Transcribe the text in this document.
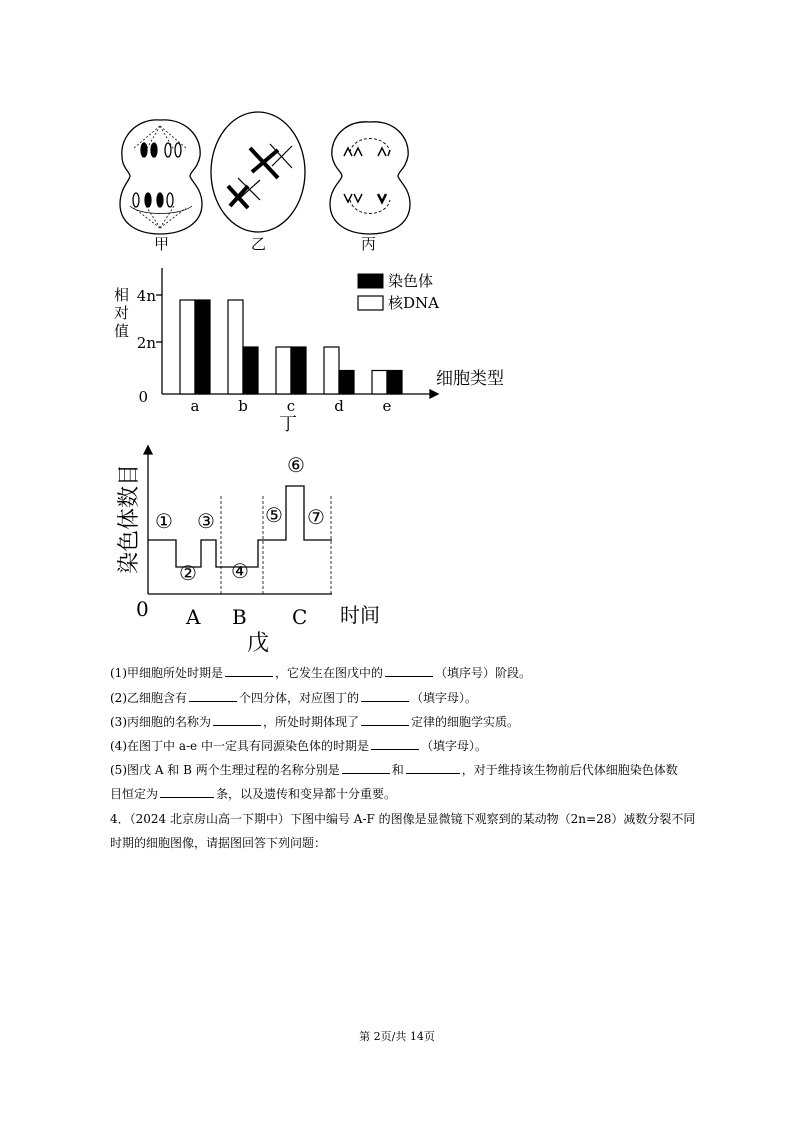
甲	乙	丙
a	b	c	d	e
相
对
值
0
2n
4n
细胞类型
丁
染色体
核DNA
①
②
③
④
⑤
⑥
⑦
染色体数目
0 A B C 时间
戊
(1)甲细胞所处时期是	，它发生在图戊中的	（填序号）阶段。
(2)乙细胞含有	个四分体，对应图丁的	（填字母）。
(3)丙细胞的名称为	，所处时期体现了	定律的细胞学实质。
(4)在图丁中 a-e 中一定具有同源染色体的时期是	（填字母）。
(5)图戊 A 和 B 两个生理过程的名称分别是	和	，对于维持该生物前后代体细胞染色体数
目恒定为	条，以及遗传和变异都十分重要。
4．（2024 北京房山高一下期中）下图中编号 A-F 的图像是显微镜下观察到的某动物（2n=28）减数分裂不同
时期的细胞图像，请据图回答下列问题：
第 2页/共 14页
